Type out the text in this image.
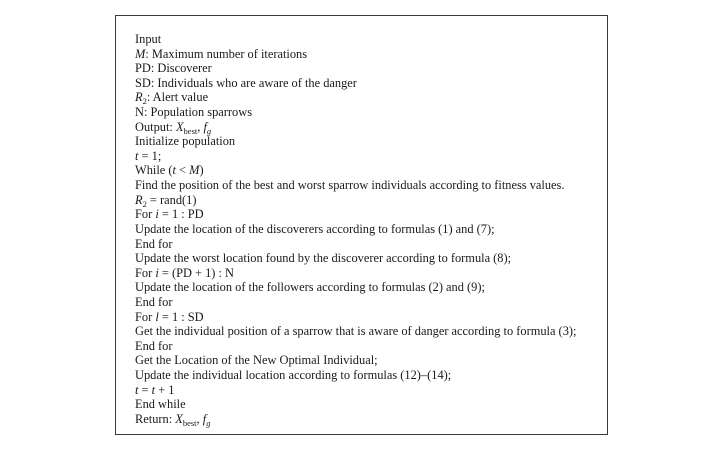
Input
M: Maximum number of iterations
PD: Discoverer
SD: Individuals who are aware of the danger
$R_2$: Alert value
N: Population sparrows
Output: $X_{best}$, $f_g$
Initialize population
t = 1;
While (t < M)
Find the position of the best and worst sparrow individuals according to fitness values.
$R_2$ = rand(1)
For i = 1 : PD
Update the location of the discoverers according to formulas (1) and (7);
End for
Update the worst location found by the discoverer according to formula (8);
For i = (PD + 1) : N
Update the location of the followers according to formulas (2) and (9);
End for
For l = 1 : SD
Get the individual position of a sparrow that is aware of danger according to formula (3);
End for
Get the Location of the New Optimal Individual;
Update the individual location according to formulas (12)–(14);
t = t + 1
End while
Return: $X_{best}$, $f_g$
